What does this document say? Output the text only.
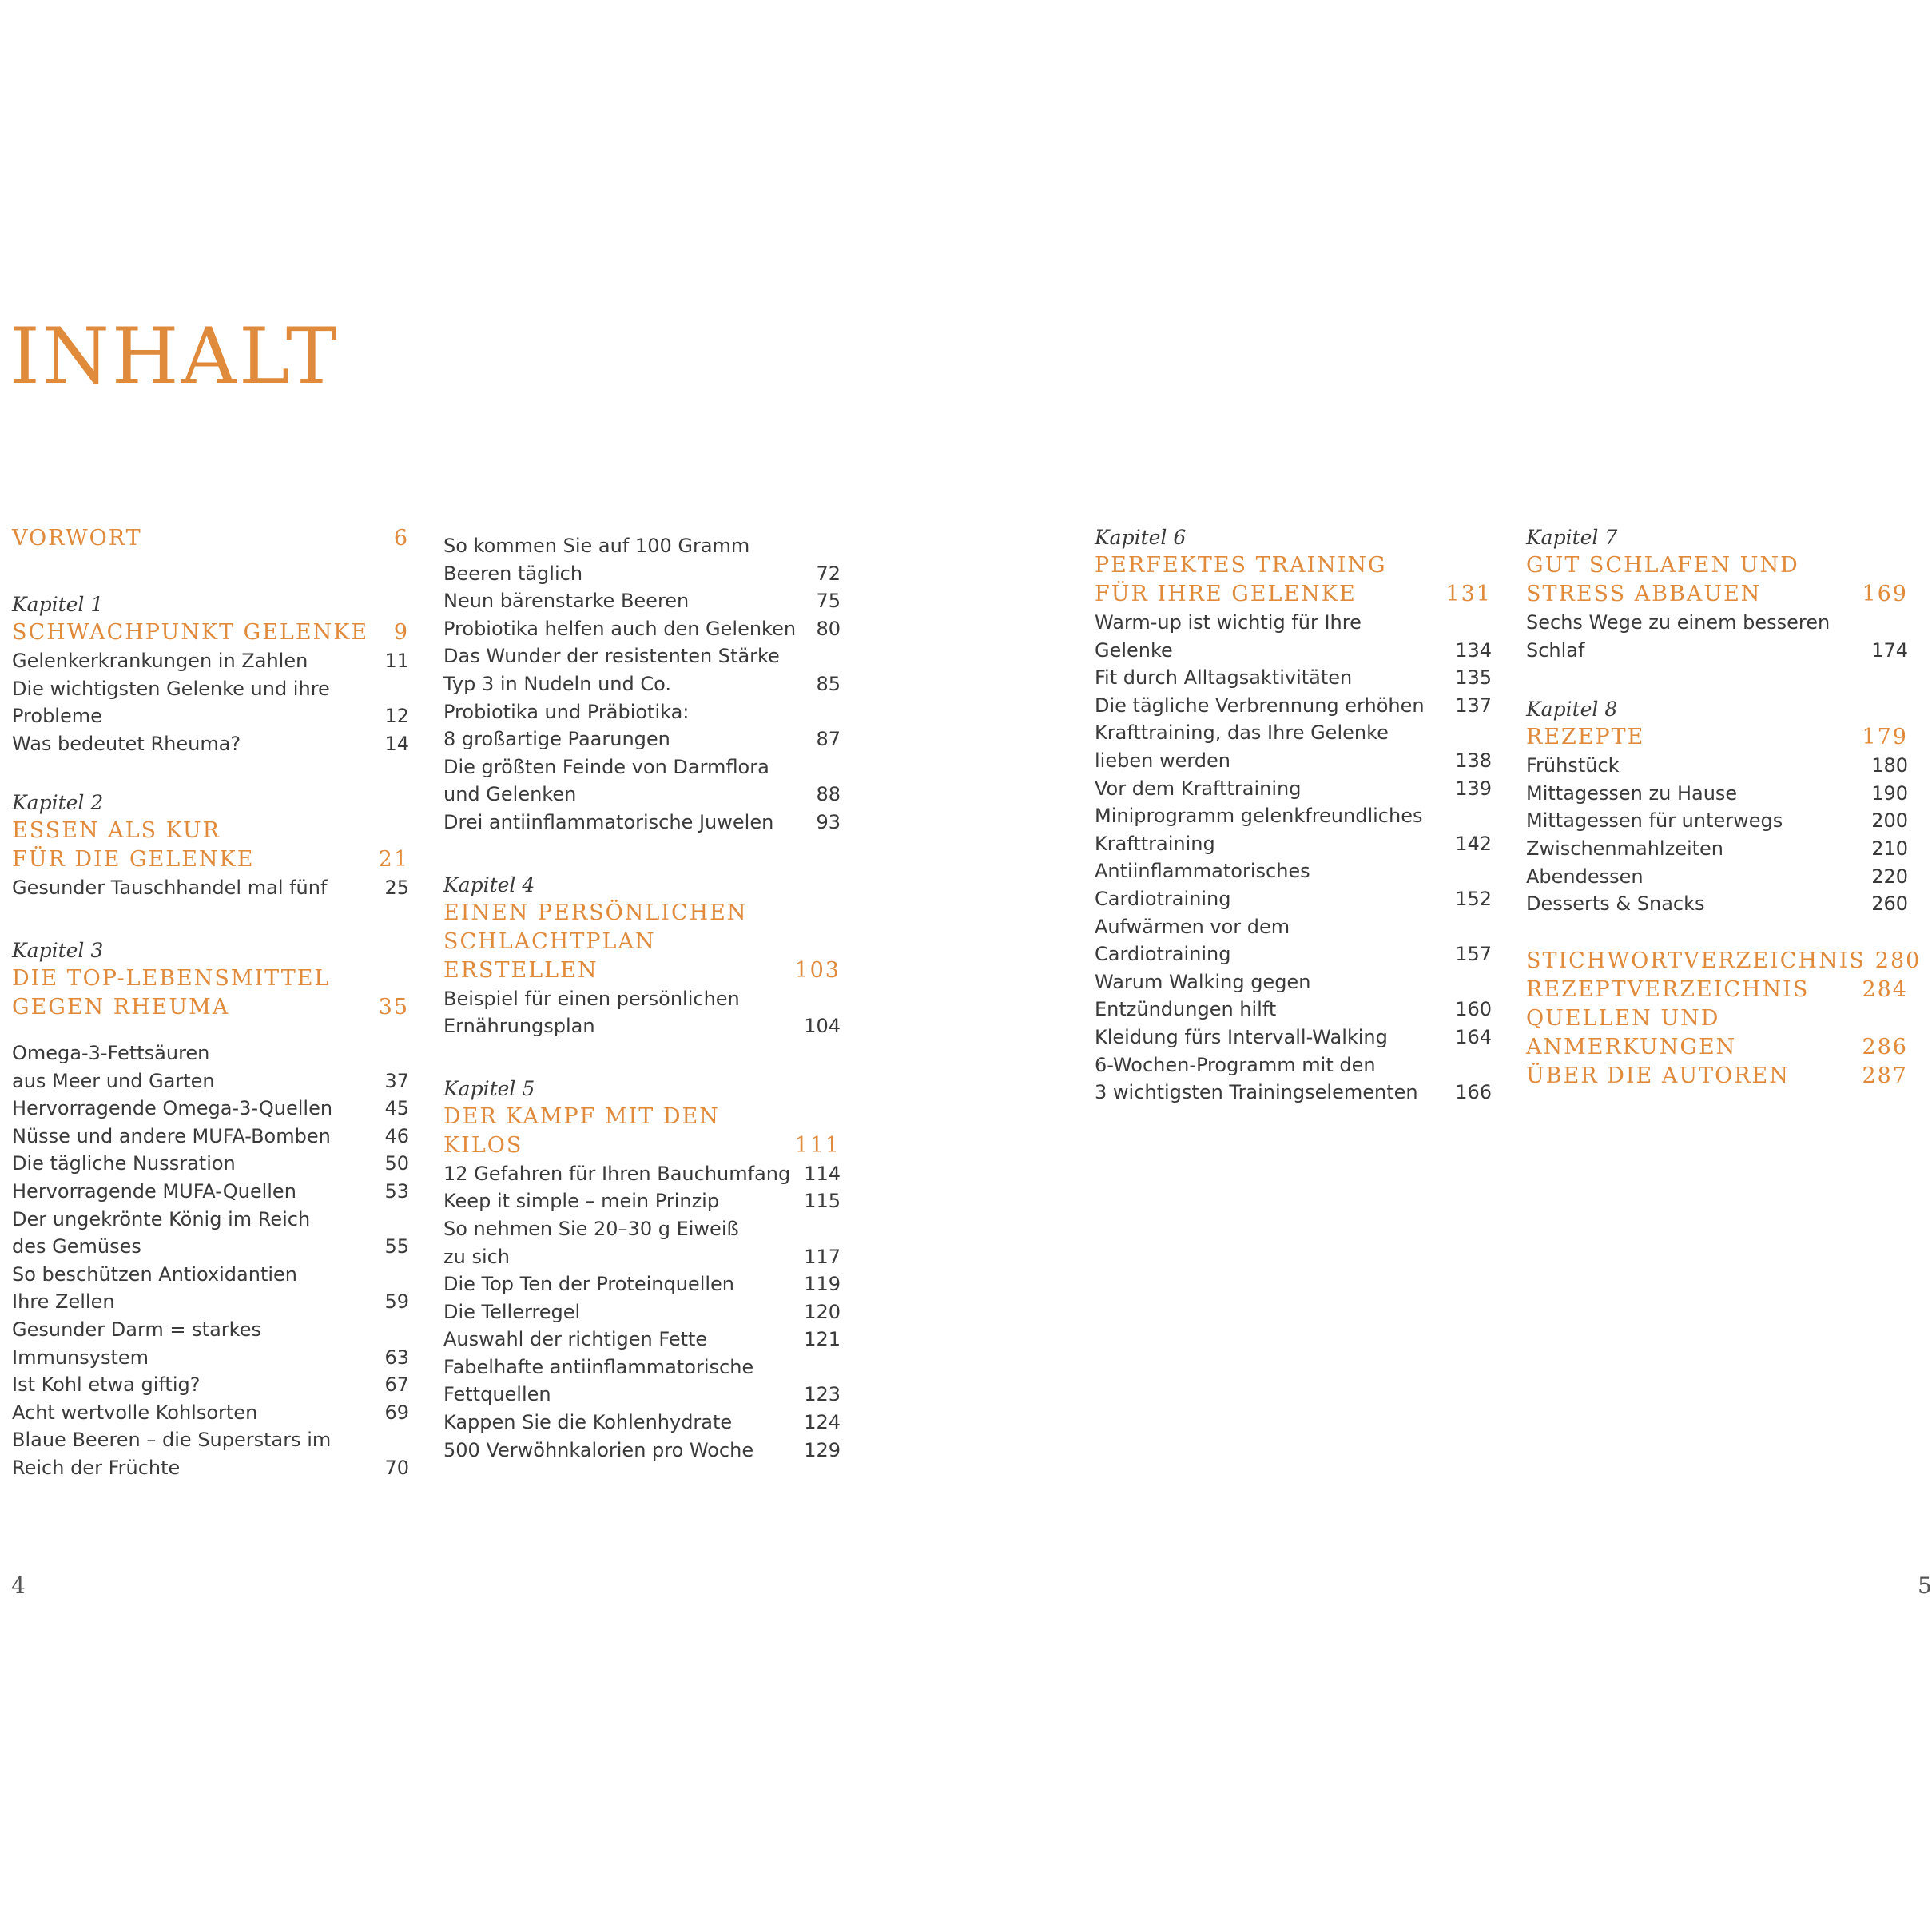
INHALT
VORWORT	6
Kapitel 1
SCHWACHPUNKT GELENKE	9
Gelenkerkrankungen in Zahlen	11
Die wichtigsten Gelenke und ihre
Probleme	12
Was bedeutet Rheuma?	14
Kapitel 2
ESSEN ALS KUR
FÜR DIE GELENKE	21
Gesunder Tauschhandel mal fünf	25
Kapitel 3
DIE TOP-LEBENSMITTEL
GEGEN RHEUMA	35
Omega-3-Fettsäuren
aus Meer und Garten	37
Hervorragende Omega-3-Quellen	45
Nüsse und andere MUFA-Bomben	46
Die tägliche Nussration	50
Hervorragende MUFA-Quellen	53
Der ungekrönte König im Reich
des Gemüses	55
So beschützen Antioxidantien
Ihre Zellen	59
Gesunder Darm = starkes
Immunsystem	63
Ist Kohl etwa giftig?	67
Acht wertvolle Kohlsorten	69
Blaue Beeren – die Superstars im
Reich der Früchte	70
So kommen Sie auf 100 Gramm
Beeren täglich	72
Neun bärenstarke Beeren	75
Probiotika helfen auch den Gelenken	80
Das Wunder der resistenten Stärke
Typ 3 in Nudeln und Co.	85
Probiotika und Präbiotika:
8 großartige Paarungen	87
Die größten Feinde von Darmflora
und Gelenken	88
Drei antiinflammatorische Juwelen	93
Kapitel 4
EINEN PERSÖNLICHEN
SCHLACHTPLAN
ERSTELLEN	103
Beispiel für einen persönlichen
Ernährungsplan	104
Kapitel 5
DER KAMPF MIT DEN
KILOS	111
12 Gefahren für Ihren Bauchumfang 114
Keep it simple – mein Prinzip	115
So nehmen Sie 20–30 g Eiweiß
zu sich	117
Die Top Ten der Proteinquellen	119
Die Tellerregel	120
Auswahl der richtigen Fette	121
Fabelhafte antiinflammatorische
Fettquellen	123
Kappen Sie die Kohlenhydrate	124
500 Verwöhnkalorien pro Woche	129
Kapitel 6
PERFEKTES TRAINING
FÜR IHRE GELENKE	131
Warm-up ist wichtig für Ihre
Gelenke	134
Fit durch Alltagsaktivitäten	135
Die tägliche Verbrennung erhöhen	137
Krafttraining, das Ihre Gelenke
lieben werden	138
Vor dem Krafttraining	139
Miniprogramm gelenkfreundliches
Krafttraining	142
Antiinflammatorisches
Cardiotraining	152
Aufwärmen vor dem
Cardiotraining	157
Warum Walking gegen
Entzündungen hilft	160
Kleidung fürs Intervall-Walking	164
6-Wochen-Programm mit den
3 wichtigsten Trainingselementen	166
Kapitel 7
GUT SCHLAFEN UND
STRESS ABBAUEN	169
Sechs Wege zu einem besseren
Schlaf	174
Kapitel 8
REZEPTE	179
Frühstück	180
Mittagessen zu Hause	190
Mittagessen für unterwegs	200
Zwischenmahlzeiten	210
Abendessen	220
Desserts & Snacks	260
STICHWORTVERZEICHNIS 280
REZEPTVERZEICHNIS	284
QUELLEN UND
ANMERKUNGEN	286
ÜBER DIE AUTOREN	287
4	5
